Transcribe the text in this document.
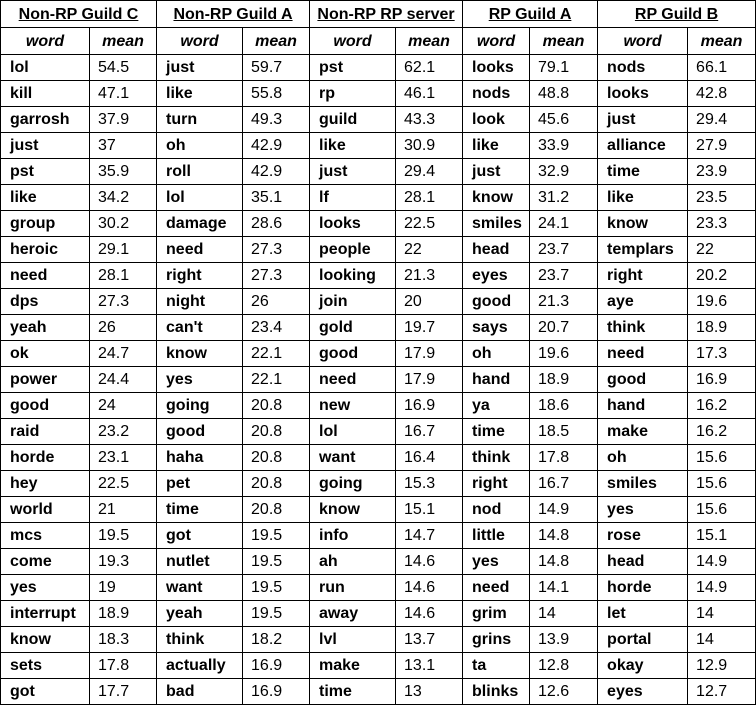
Non-RP Guild C		Non-RP Guild A		Non-RP RP server		RP Guild A		RP Guild B	
word	mean	word	mean	word	mean	word	mean	word	mean
lol	54.5	just	59.7	pst	62.1	looks	79.1	nods	66.1
kill	47.1	like	55.8	rp	46.1	nods	48.8	looks	42.8
garrosh	37.9	turn	49.3	guild	43.3	look	45.6	just	29.4
just	37	oh	42.9	like	30.9	like	33.9	alliance	27.9
pst	35.9	roll	42.9	just	29.4	just	32.9	time	23.9
like	34.2	lol	35.1	lf	28.1	know	31.2	like	23.5
group	30.2	damage	28.6	looks	22.5	smiles	24.1	know	23.3
heroic	29.1	need	27.3	people	22	head	23.7	templars	22
need	28.1	right	27.3	looking	21.3	eyes	23.7	right	20.2
dps	27.3	night	26	join	20	good	21.3	aye	19.6
yeah	26	can't	23.4	gold	19.7	says	20.7	think	18.9
ok	24.7	know	22.1	good	17.9	oh	19.6	need	17.3
power	24.4	yes	22.1	need	17.9	hand	18.9	good	16.9
good	24	going	20.8	new	16.9	ya	18.6	hand	16.2
raid	23.2	good	20.8	lol	16.7	time	18.5	make	16.2
horde	23.1	haha	20.8	want	16.4	think	17.8	oh	15.6
hey	22.5	pet	20.8	going	15.3	right	16.7	smiles	15.6
world	21	time	20.8	know	15.1	nod	14.9	yes	15.6
mcs	19.5	got	19.5	info	14.7	little	14.8	rose	15.1
come	19.3	nutlet	19.5	ah	14.6	yes	14.8	head	14.9
yes	19	want	19.5	run	14.6	need	14.1	horde	14.9
interrupt	18.9	yeah	19.5	away	14.6	grim	14	let	14
know	18.3	think	18.2	lvl	13.7	grins	13.9	portal	14
sets	17.8	actually	16.9	make	13.1	ta	12.8	okay	12.9
got	17.7	bad	16.9	time	13	blinks	12.6	eyes	12.7
